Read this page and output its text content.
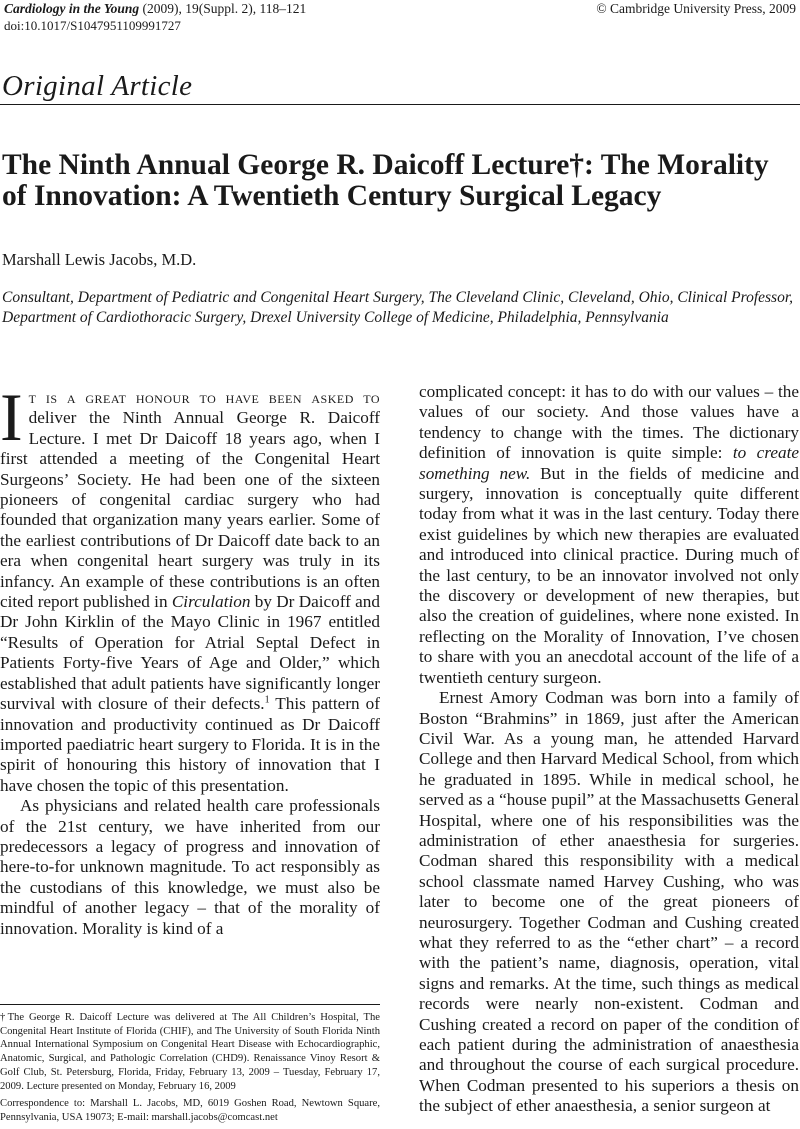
Cardiology in the Young (2009), 19(Suppl. 2), 118–121	© Cambridge University Press, 2009
doi:10.1017/S1047951109991727
Original Article
The Ninth Annual George R. Daicoff Lecture†: The Morality of Innovation: A Twentieth Century Surgical Legacy
Marshall Lewis Jacobs, M.D.
Consultant, Department of Pediatric and Congenital Heart Surgery, The Cleveland Clinic, Cleveland, Ohio, Clinical Professor, Department of Cardiothoracic Surgery, Drexel University College of Medicine, Philadelphia, Pennsylvania

It is a great honour to have been asked to deliver the Ninth Annual George R. Daicoff Lecture. I met Dr Daicoff 18 years ago, when I first attended a meeting of the Congenital Heart Surgeons’ Society. He had been one of the sixteen pioneers of congenital cardiac surgery who had founded that organization many years earlier. Some of the earliest contributions of Dr Daicoff date back to an era when congenital heart surgery was truly in its infancy. An example of these contributions is an often cited report published in Circulation by Dr Daicoff and Dr John Kirklin of the Mayo Clinic in 1967 entitled “Results of Operation for Atrial Septal Defect in Patients Forty-five Years of Age and Older,” which established that adult patients have significantly longer survival with closure of their defects.$^1$ This pattern of innovation and productivity continued as Dr Daicoff imported paediatric heart surgery to Florida. It is in the spirit of honouring this history of innovation that I have chosen the topic of this presentation.

As physicians and related health care professionals of the 21st century, we have inherited from our predecessors a legacy of progress and innovation of here-to-for unknown magnitude. To act responsibly as the custodians of this knowledge, we must also be mindful of another legacy – that of the morality of innovation. Morality is kind of a

complicated concept: it has to do with our values – the values of our society. And those values have a tendency to change with the times. The dictionary definition of innovation is quite simple: to create something new. But in the fields of medicine and surgery, innovation is conceptually quite different today from what it was in the last century. Today there exist guidelines by which new therapies are evaluated and introduced into clinical practice. During much of the last century, to be an innovator involved not only the discovery or development of new therapies, but also the creation of guidelines, where none existed. In reflecting on the Morality of Innovation, I’ve chosen to share with you an anecdotal account of the life of a twentieth century surgeon.

Ernest Amory Codman was born into a family of Boston “Brahmins” in 1869, just after the American Civil War. As a young man, he attended Harvard College and then Harvard Medical School, from which he graduated in 1895. While in medical school, he served as a “house pupil” at the Massachusetts General Hospital, where one of his responsibilities was the administration of ether anaesthesia for surgeries. Codman shared this responsibility with a medical school classmate named Harvey Cushing, who was later to become one of the great pioneers of neurosurgery. Together Codman and Cushing created what they referred to as the “ether chart” – a record with the patient’s name, diagnosis, operation, vital signs and remarks. At the time, such things as medical records were nearly non-existent. Codman and Cushing created a record on paper of the condition of each patient during the administration of anaesthesia and throughout the course of each surgical procedure. When Codman presented to his superiors a thesis on the subject of ether anaesthesia, a senior surgeon at

†The George R. Daicoff Lecture was delivered at The All Children’s Hospital, The Congenital Heart Institute of Florida (CHIF), and The University of South Florida Ninth Annual International Symposium on Congenital Heart Disease with Echocardiographic, Anatomic, Surgical, and Pathologic Correlation (CHD9). Renaissance Vinoy Resort & Golf Club, St. Petersburg, Florida, Friday, February 13, 2009 – Tuesday, February 17, 2009. Lecture presented on Monday, February 16, 2009

Correspondence to: Marshall L. Jacobs, MD, 6019 Goshen Road, Newtown Square, Pennsylvania, USA 19073; E-mail: marshall.jacobs@comcast.net
